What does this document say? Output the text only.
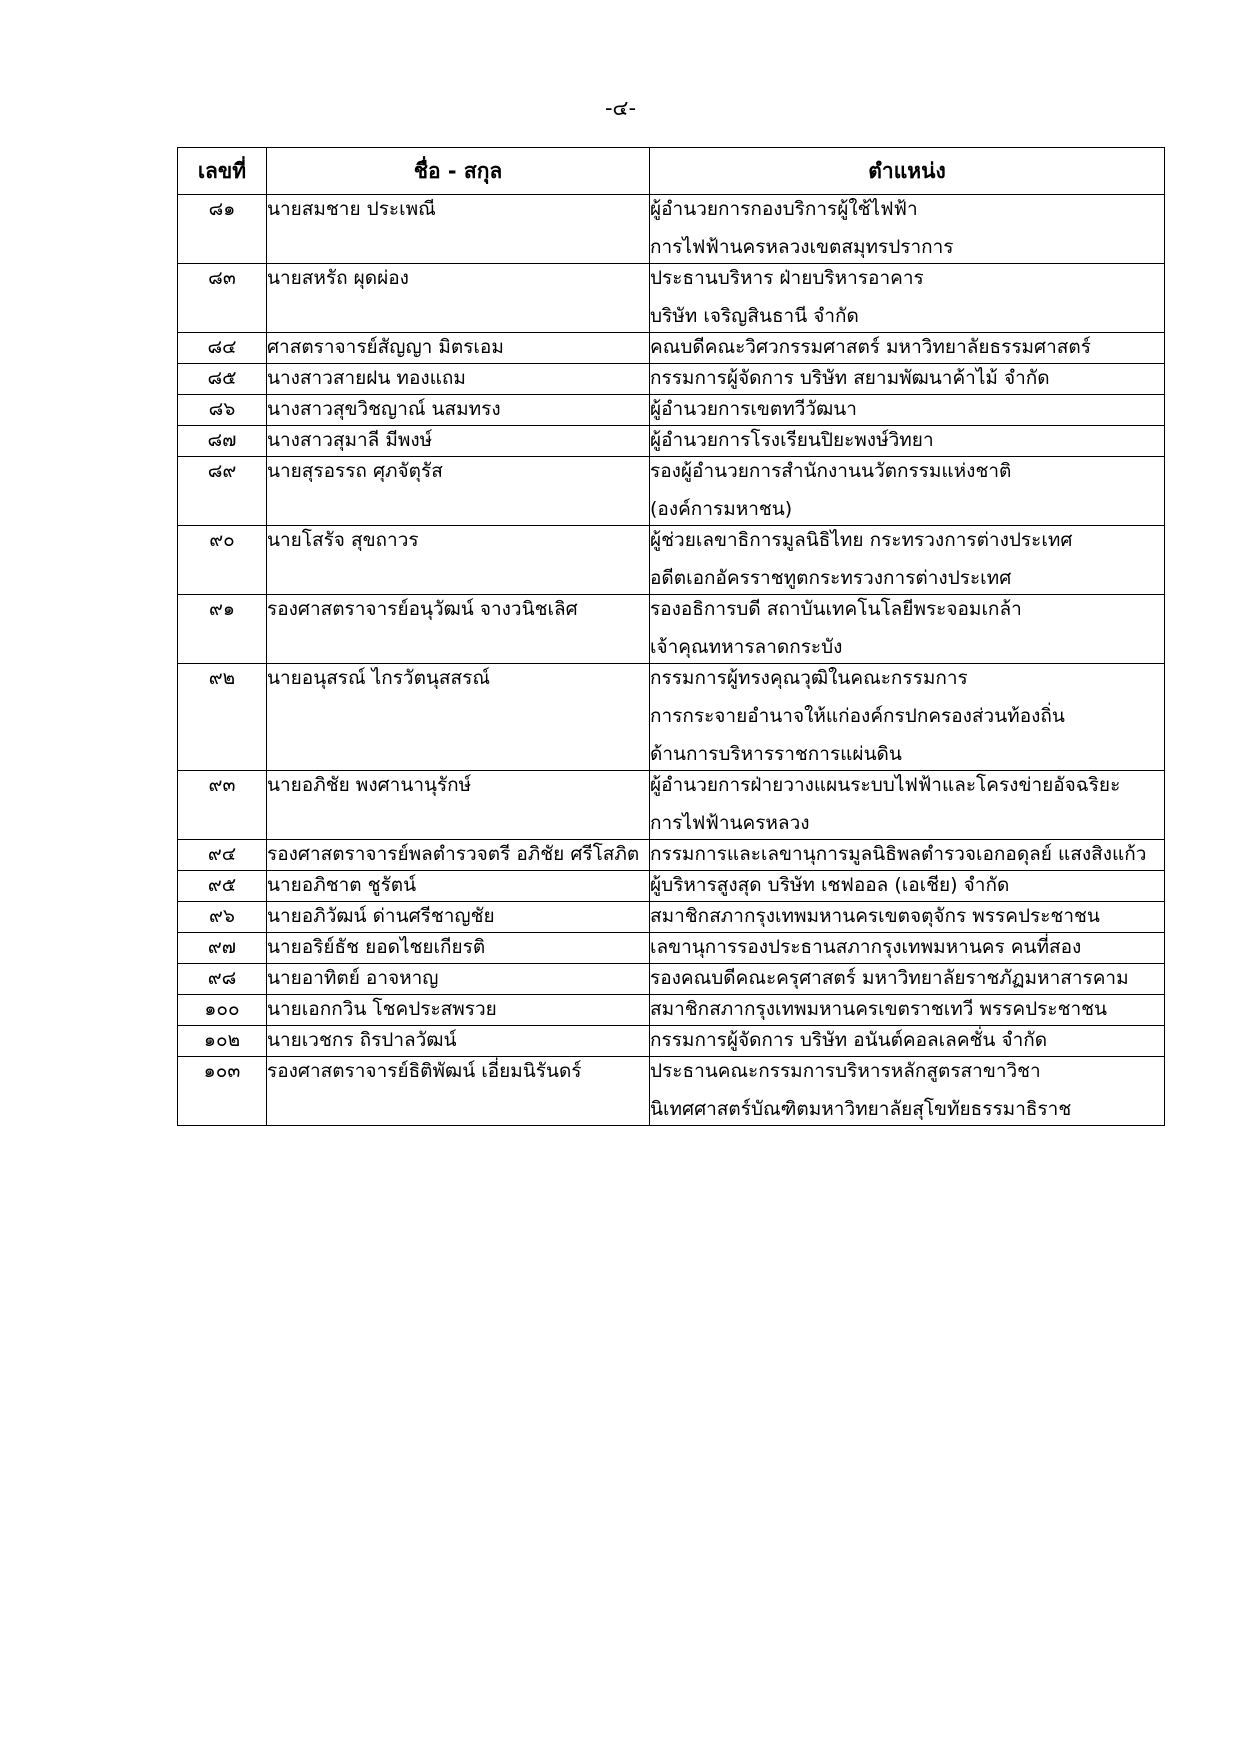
-๔-
เลขที่	ชื่อ - สกุล	ตำแหน่ง
๘๑	นายสมชาย ประเพณี	ผู้อำนวยการกองบริการผู้ใช้ไฟฟ้า
การไฟฟ้านครหลวงเขตสมุทรปราการ

๘๓	นายสหรัถ ผุดผ่อง	ประธานบริหาร ฝ่ายบริหารอาคาร
บริษัท เจริญสินธานี จำกัด

๘๔	ศาสตราจารย์สัญญา มิตรเอม	คณบดีคณะวิศวกรรมศาสตร์ มหาวิทยาลัยธรรมศาสตร์

๘๕	นางสาวสายฝน ทองแถม	กรรมการผู้จัดการ บริษัท สยามพัฒนาค้าไม้ จำกัด

๘๖	นางสาวสุขวิชญาณ์ นสมทรง	ผู้อำนวยการเขตทวีวัฒนา

๘๗	นางสาวสุมาลี มีพงษ์	ผู้อำนวยการโรงเรียนปิยะพงษ์วิทยา

๘๙	นายสุรอรรถ ศุภจัตุรัส	รองผู้อำนวยการสำนักงานนวัตกรรมแห่งชาติ
(องค์การมหาชน)

๙๐	นายโสรัจ สุขถาวร	ผู้ช่วยเลขาธิการมูลนิธิไทย กระทรวงการต่างประเทศ
อดีตเอกอัครราชทูตกระทรวงการต่างประเทศ

๙๑	รองศาสตราจารย์อนุวัฒน์ จางวนิชเลิศ	รองอธิการบดี สถาบันเทคโนโลยีพระจอมเกล้า
เจ้าคุณทหารลาดกระบัง

๙๒	นายอนุสรณ์ ไกรวัตนุสสรณ์	กรรมการผู้ทรงคุณวุฒิในคณะกรรมการ
การกระจายอำนาจให้แก่องค์กรปกครองส่วนท้องถิ่น
ด้านการบริหารราชการแผ่นดิน

๙๓	นายอภิชัย พงศานานุรักษ์	ผู้อำนวยการฝ่ายวางแผนระบบไฟฟ้าและโครงข่ายอัจฉริยะ
การไฟฟ้านครหลวง

๙๔	รองศาสตราจารย์พลตำรวจตรี อภิชัย ศรีโสภิต	กรรมการและเลขานุการมูลนิธิพลตำรวจเอกอดุลย์ แสงสิงแก้ว

๙๕	นายอภิชาต ชูรัตน์	ผู้บริหารสูงสุด บริษัท เชฟออล (เอเชีย) จำกัด

๙๖	นายอภิวัฒน์ ด่านศรีชาญชัย	สมาชิกสภากรุงเทพมหานครเขตจตุจักร พรรคประชาชน

๙๗	นายอริย์ธัช ยอดไชยเกียรติ	เลขานุการรองประธานสภากรุงเทพมหานคร คนที่สอง

๙๘	นายอาทิตย์ อาจหาญ	รองคณบดีคณะครุศาสตร์ มหาวิทยาลัยราชภัฏมหาสารคาม

๑๐๐	นายเอกกวิน โชคประสพรวย	สมาชิกสภากรุงเทพมหานครเขตราชเทวี พรรคประชาชน

๑๐๒	นายเวชกร ถิรปาลวัฒน์	กรรมการผู้จัดการ บริษัท อนันต์คอลเลคชั่น จำกัด

๑๐๓	รองศาสตราจารย์ธิติพัฒน์ เอี่ยมนิรันดร์	ประธานคณะกรรมการบริหารหลักสูตรสาขาวิชา
นิเทศศาสตร์บัณฑิตมหาวิทยาลัยสุโขทัยธรรมาธิราช
